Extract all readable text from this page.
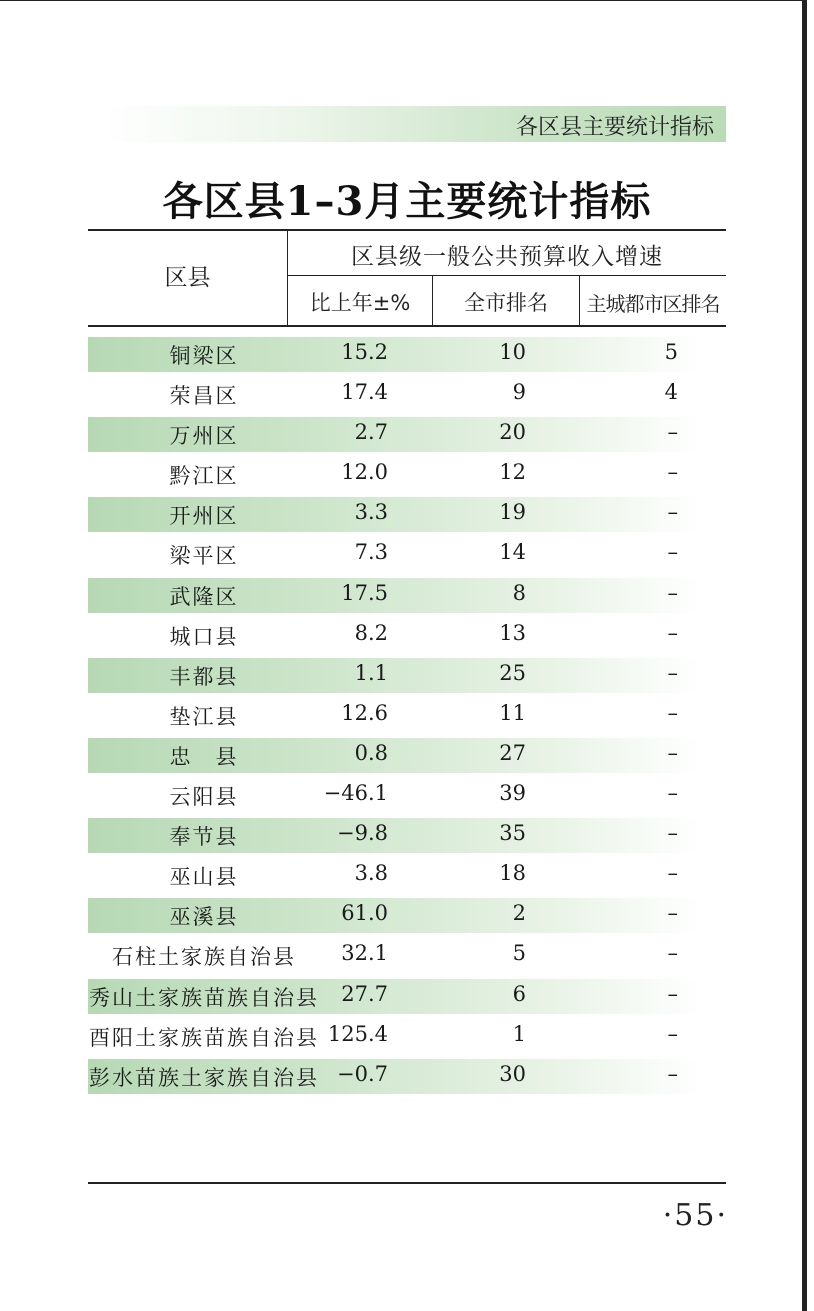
各区县主要统计指标
各区县1–3月主要统计指标
区县
区县级一般公共预算收入增速
比上年±%	全市排名	主城都市区排名
铜梁区	15.2	10	5
荣昌区	17.4	9	4
万州区	2.7	20	–
黔江区	12.0	12	–
开州区	3.3	19	–
梁平区	7.3	14	–
武隆区	17.5	8	–
城口县	8.2	13	–
丰都县	1.1	25	–
垫江县	12.6	11	–
忠　县	0.8	27	–
云阳县	−46.1	39	–
奉节县	−9.8	35	–
巫山县	3.8	18	–
巫溪县	61.0	2	–
石柱土家族自治县	32.1	5	–
秀山土家族苗族自治县	27.7	6	–
酉阳土家族苗族自治县 125.4	1	–
彭水苗族土家族自治县 −0.7	30	–
·55·
